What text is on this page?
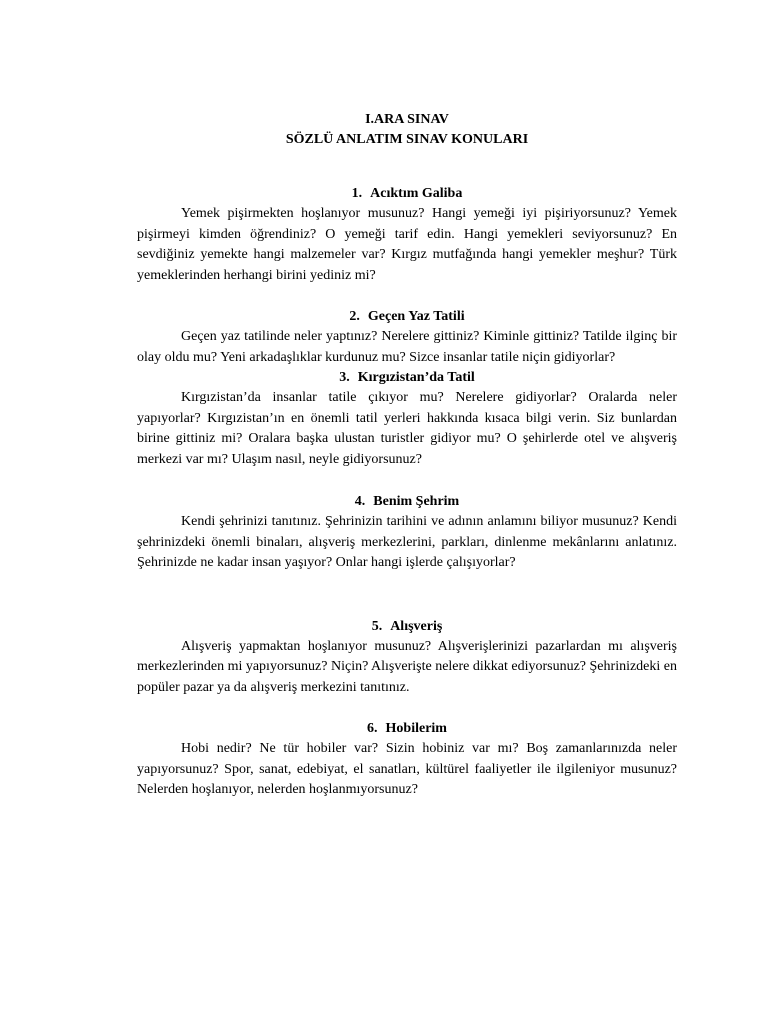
I.ARA SINAV
SÖZLÜ ANLATIM SINAV KONULARI
1. Acıktım Galiba

Yemek pişirmekten hoşlanıyor musunuz? Hangi yemeği iyi pişiriyorsunuz? Yemek pişirmeyi kimden öğrendiniz? O yemeği tarif edin. Hangi yemekleri seviyorsunuz? En sevdiğiniz yemekte hangi malzemeler var? Kırgız mutfağında hangi yemekler meşhur? Türk yemeklerinden herhangi birini yediniz mi?

2. Geçen Yaz Tatili

Geçen yaz tatilinde neler yaptınız? Nerelere gittiniz? Kiminle gittiniz? Tatilde ilginç bir olay oldu mu? Yeni arkadaşlıklar kurdunuz mu? Sizce insanlar tatile niçin gidiyorlar?

3. Kırgızistan’da Tatil

Kırgızistan’da insanlar tatile çıkıyor mu? Nerelere gidiyorlar? Oralarda neler yapıyorlar? Kırgızistan’ın en önemli tatil yerleri hakkında kısaca bilgi verin. Siz bunlardan birine gittiniz mi? Oralara başka ulustan turistler gidiyor mu? O şehirlerde otel ve alışveriş merkezi var mı? Ulaşım nasıl, neyle gidiyorsunuz?

4. Benim Şehrim

Kendi şehrinizi tanıtınız. Şehrinizin tarihini ve adının anlamını biliyor musunuz? Kendi şehrinizdeki önemli binaları, alışveriş merkezlerini, parkları, dinlenme mekânlarını anlatınız. Şehrinizde ne kadar insan yaşıyor? Onlar hangi işlerde çalışıyorlar?

5. Alışveriş

Alışveriş yapmaktan hoşlanıyor musunuz? Alışverişlerinizi pazarlardan mı alışveriş merkezlerinden mi yapıyorsunuz? Niçin? Alışverişte nelere dikkat ediyorsunuz? Şehrinizdeki en popüler pazar ya da alışveriş merkezini tanıtınız.

6. Hobilerim

Hobi nedir? Ne tür hobiler var? Sizin hobiniz var mı? Boş zamanlarınızda neler yapıyorsunuz? Spor, sanat, edebiyat, el sanatları, kültürel faaliyetler ile ilgileniyor musunuz? Nelerden hoşlanıyor, nelerden hoşlanmıyorsunuz?
